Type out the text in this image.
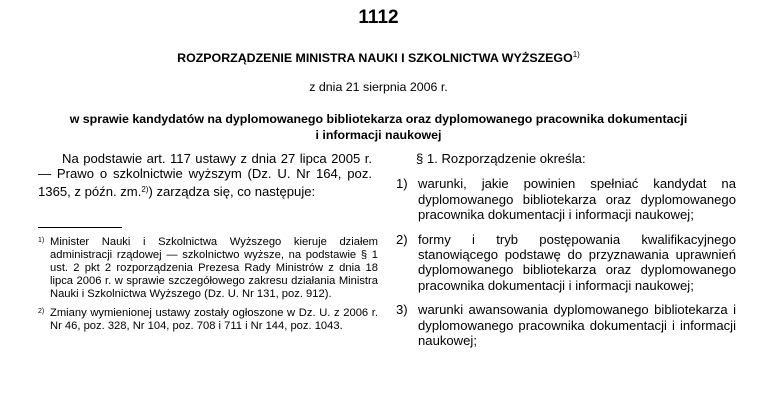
1112
ROZPORZĄDZENIE MINISTRA NAUKI I SZKOLNICTWA WYŻSZEGO$^{1)}$
z dnia 21 sierpnia 2006 r.
w sprawie kandydatów na dyplomowanego bibliotekarza oraz dyplomowanego pracownika dokumentacji
i informacji naukowej

Na podstawie art. 117 ustawy z dnia 27 lipca 2005 r. — Prawo o szkolnictwie wyższym (Dz. U. Nr 164, poz. 1365, z późn. zm.$^{2)}$) zarządza się, co następuje:

1) Minister Nauki i Szkolnictwa Wyższego kieruje działem administracji rządowej — szkolnictwo wyższe, na podstawie § 1 ust. 2 pkt 2 rozporządzenia Prezesa Rady Ministrów z dnia 18 lipca 2006 r. w sprawie szczegółowego zakresu działania Ministra Nauki i Szkolnictwa Wyższego (Dz. U. Nr 131, poz. 912).
2) Zmiany wymienionej ustawy zostały ogłoszone w Dz. U. z 2006 r. Nr 46, poz. 328, Nr 104, poz. 708 i 711 i Nr 144, poz. 1043.

§ 1. Rozporządzenie określa:

1) warunki, jakie powinien spełniać kandydat na dyplomowanego bibliotekarza oraz dyplomowanego pracownika dokumentacji i informacji naukowej;
2) formy i tryb postępowania kwalifikacyjnego stanowiącego podstawę do przyznawania uprawnień dyplomowanego bibliotekarza oraz dyplomowanego pracownika dokumentacji i informacji naukowej;
3) warunki awansowania dyplomowanego bibliotekarza i dyplomowanego pracownika dokumentacji i informacji naukowej;
